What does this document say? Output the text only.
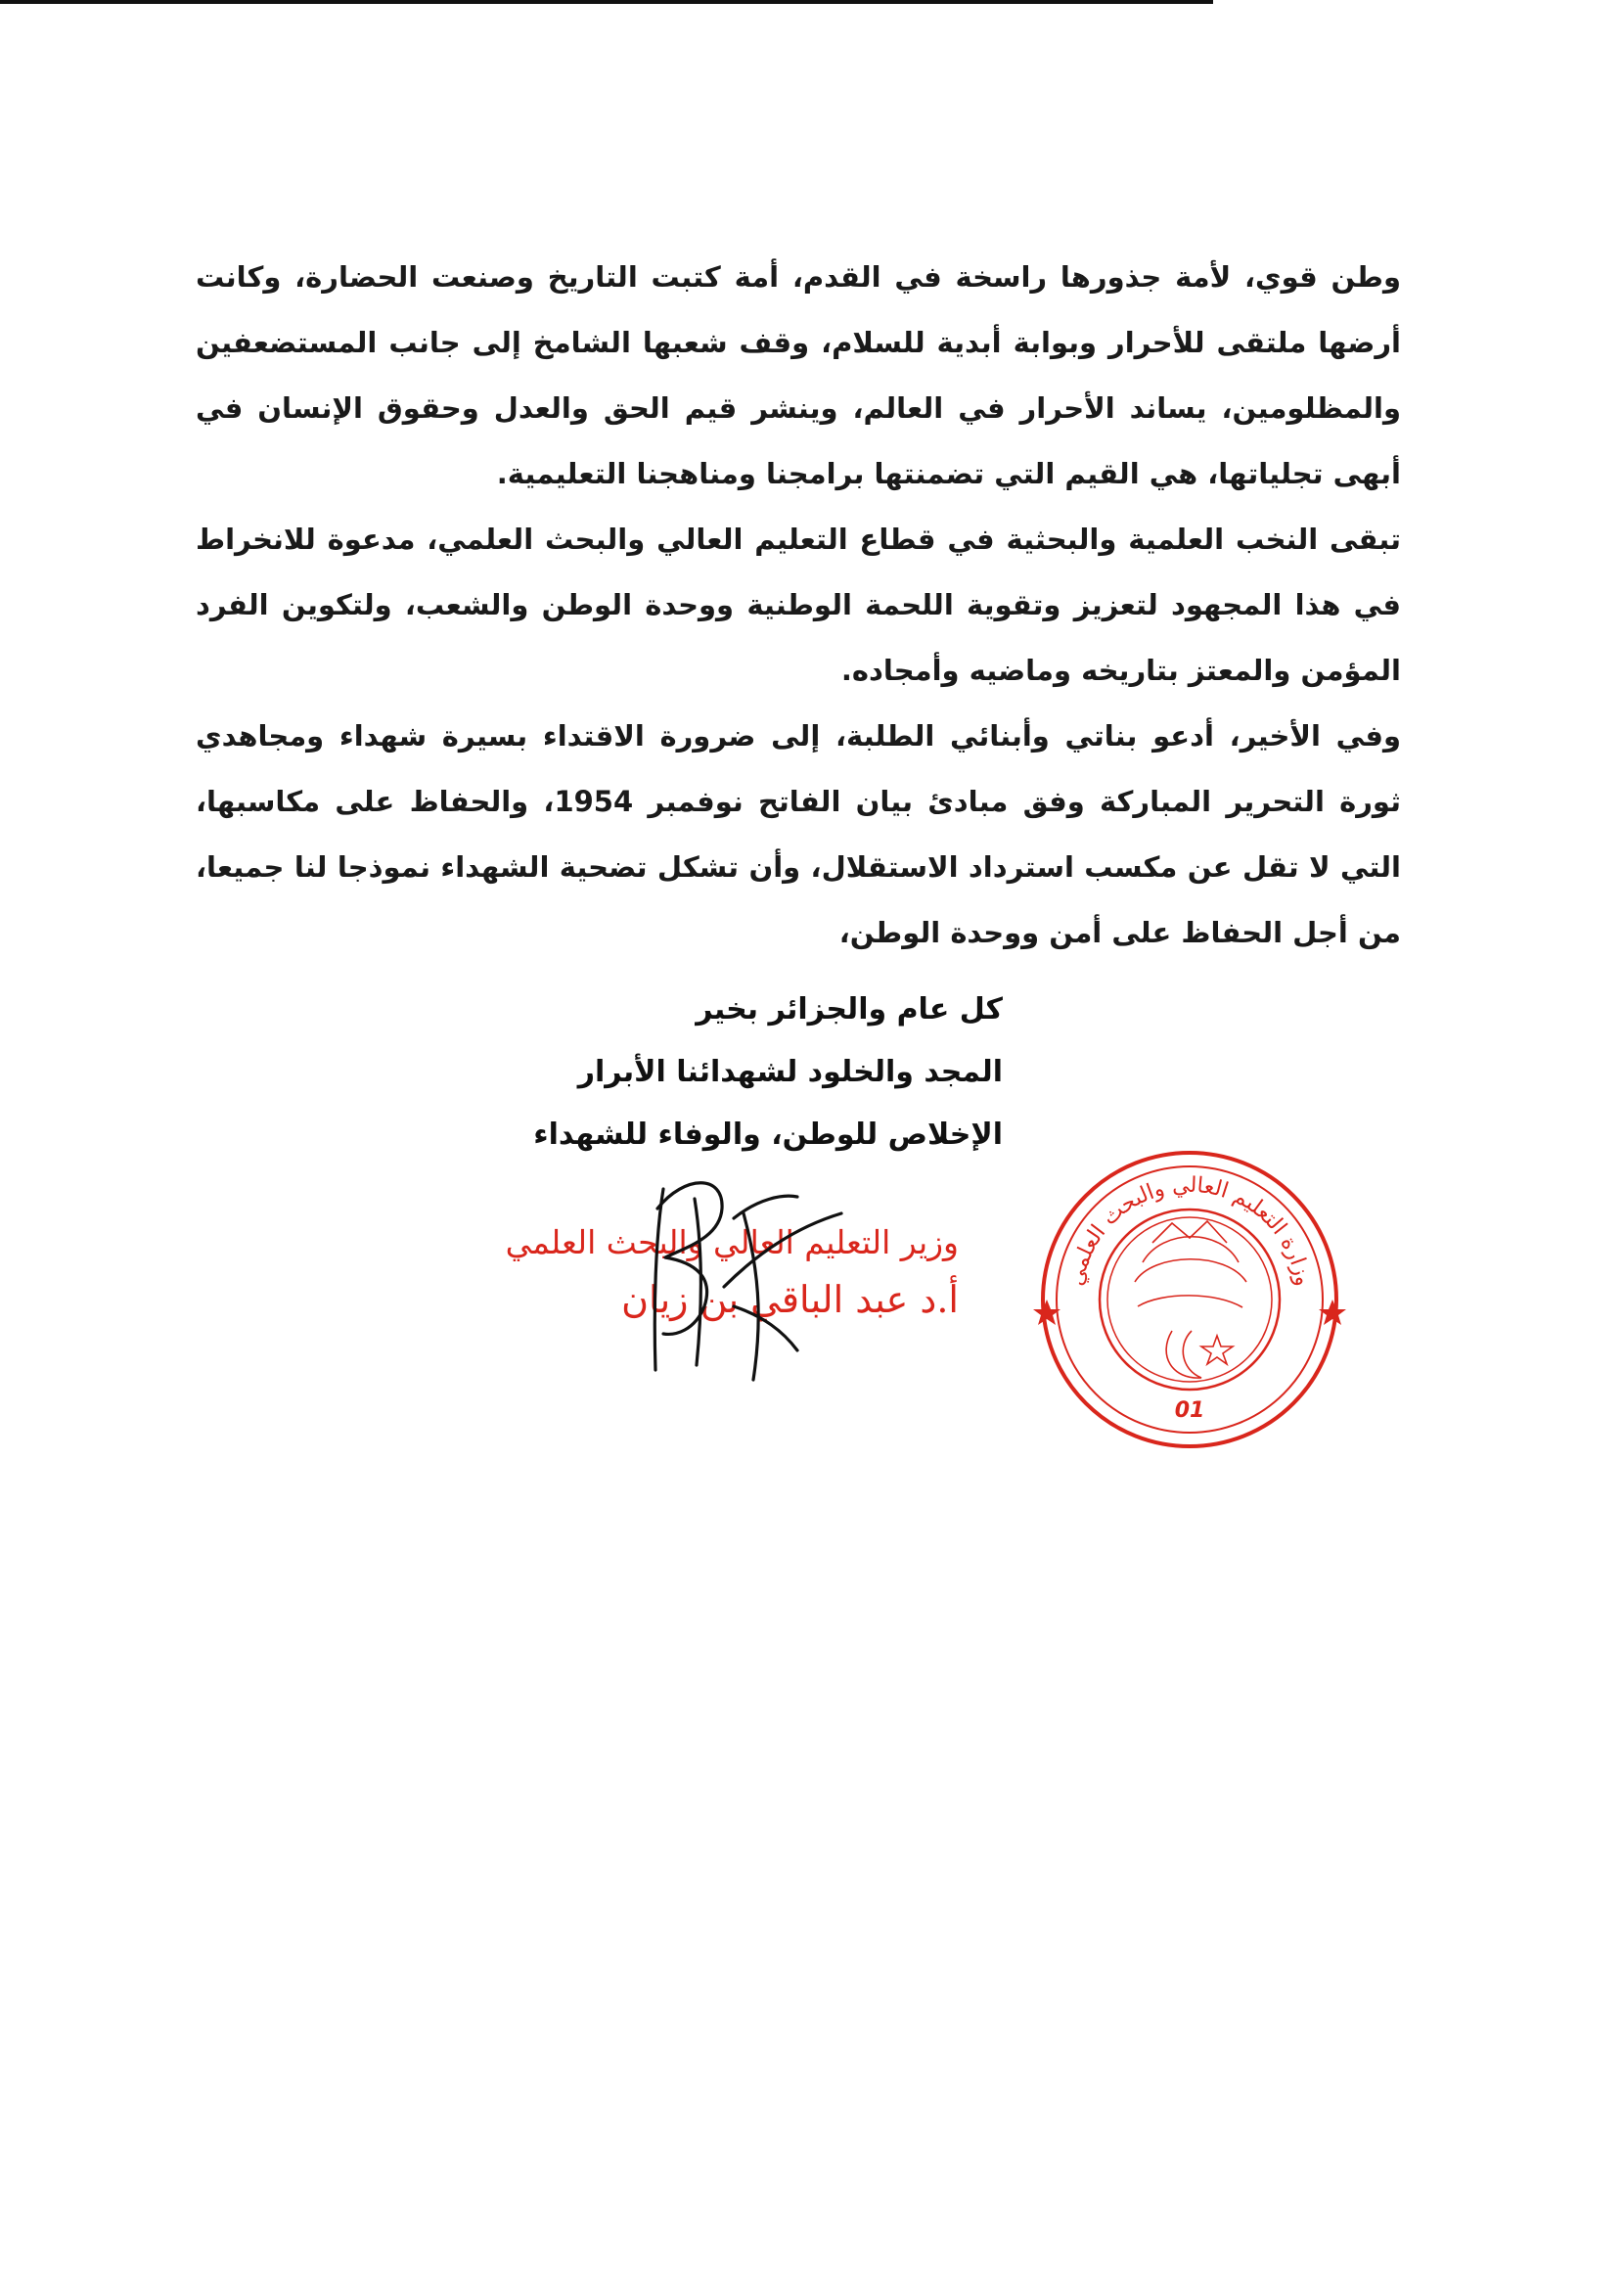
وطن قوي، لأمة جذورها راسخة في القدم، أمة كتبت التاريخ وصنعت الحضارة، وكانت أرضها ملتقى للأحرار وبوابة أبدية للسلام، وقف شعبها الشامخ إلى جانب المستضعفين والمظلومين، يساند الأحرار في العالم، وينشر قيم الحق والعدل وحقوق الإنسان في أبهى تجلياتها، هي القيم التي تضمنتها برامجنا ومناهجنا التعليمية.

تبقى النخب العلمية والبحثية في قطاع التعليم العالي والبحث العلمي، مدعوة للانخراط في هذا المجهود لتعزيز وتقوية اللحمة الوطنية ووحدة الوطن والشعب، ولتكوين الفرد المؤمن والمعتز بتاريخه وماضيه وأمجاده.

وفي الأخير، أدعو بناتي وأبنائي الطلبة، إلى ضرورة الاقتداء بسيرة شهداء ومجاهدي ثورة التحرير المباركة وفق مبادئ بيان الفاتح نوفمبر 1954، والحفاظ على مكاسبها، التي لا تقل عن مكسب استرداد الاستقلال، وأن تشكل تضحية الشهداء نموذجا لنا جميعا، من أجل الحفاظ على أمن ووحدة الوطن،

كل عام والجزائر بخير
المجد والخلود لشهدائنا الأبرار
الإخلاص للوطن، والوفاء للشهداء
وزير التعليم العالي والبحث العلمي
أ.د عبد الباقي بن زيان
وزارة التعليم العالي والبحث العلمي
01
